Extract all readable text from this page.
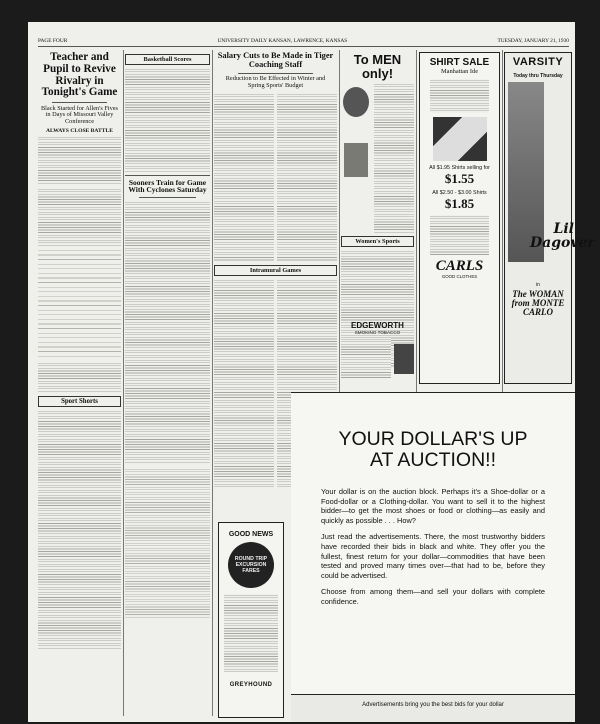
PAGE FOUR	UNIVERSITY DAILY KANSAN, LAWRENCE, KANSAS	TUESDAY, JANUARY 21, 1930
Teacher and Pupil to Revive Rivalry in Tonight's Game
Black Started for Allen's Fives in Days of Missouri Valley Conference
ALWAYS CLOSE BATTLE
Sport Shorts
Basketball Scores
Sooners Train for Game With Cyclones Saturday
Salary Cuts to Be Made in Tiger Coaching Staff
Reduction to Be Effected in Winter and Spring Sports' Budget
Intramural Games
GOOD NEWS
ROUND TRIP EXCURSION FARES
GREYHOUND
To MEN only!
Women's Sports
EDGEWORTH
SMOKING TOBACCO
SHIRT SALE
Manhattan Ide
All $1.95 Shirts selling for
$1.55
All $2.50 - $3.00 Shirts
$1.85
CARLS
GOOD CLOTHES
VARSITY
Today thru Thursday
Lil Dagover
in
The WOMAN from MONTE CARLO
YOUR DOLLAR'S UP AT AUCTION!!

Your dollar is on the auction block. Perhaps it's a Shoe-dollar or a Food-dollar or a Clothing-dollar. You want to sell it to the highest bidder—to get the most shoes or food or clothing—as easily and quickly as possible . . . How?

Just read the advertisements. There, the most trustworthy bidders have recorded their bids in black and white. They offer you the fullest, finest return for your dollar—commodities that have been tested and proved many times over—that had to be, before they could be advertised.

Choose from among them—and sell your dollars with complete confidence.

Advertisements bring you the best bids for your dollar
